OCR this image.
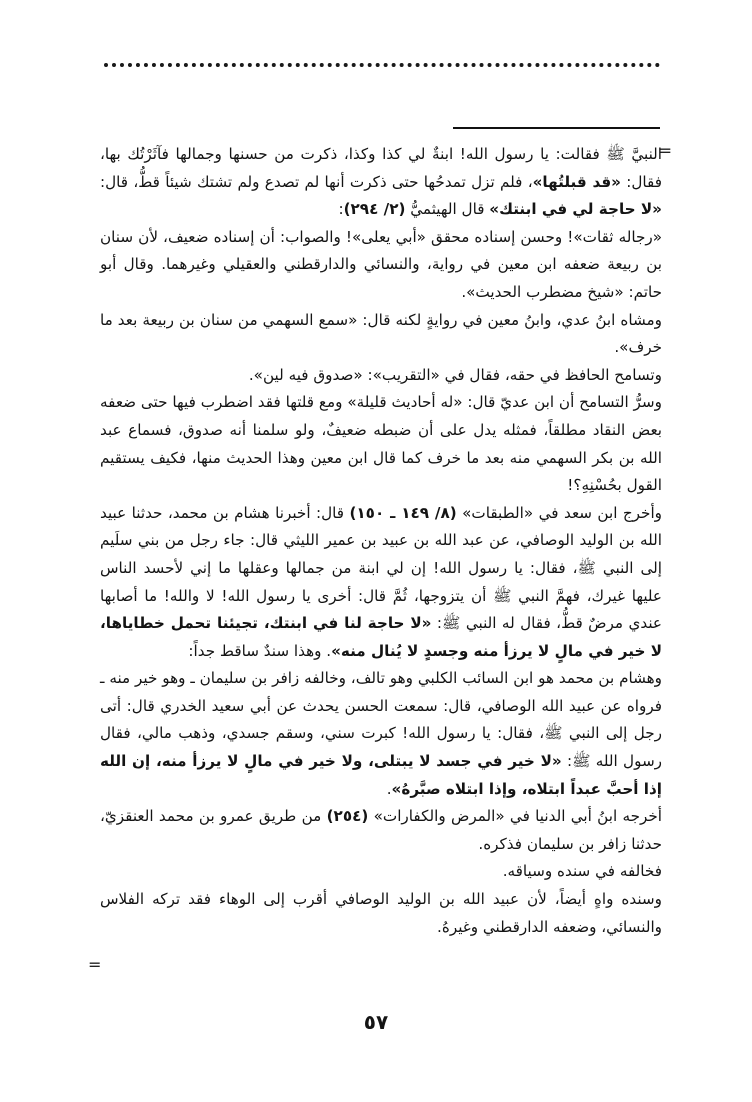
=
=

النبيَّ ﷺ فقالت: يا رسول الله! ابنةٌ لي كذا وكذا، ذكرت من حسنها وجمالها فآثَرْتُك بها، فقال: «قد قبلتُها»، فلم تزل تمدحُها حتى ذكرت أنها لم تصدع ولم تشتك شيئاً قطُّ، قال: «لا حاجة لي في ابنتك» قال الهيثميُّ (٢/ ٢٩٤):

«رجاله ثقات»! وحسن إسناده محقق «أبي يعلى»! والصواب: أن إسناده ضعيف، لأن سنان بن ربيعة ضعفه ابن معين في رواية، والنسائي والدارقطني والعقيلي وغيرهما. وقال أبو حاتم: «شيخ مضطرب الحديث».

ومشاه ابنُ عدي، وابنُ معين في روايةٍ لكنه قال: «سمع السهمي من سنان بن ربيعة بعد ما خرف».

وتسامح الحافظ في حقه، فقال في «التقريب»: «صدوق فيه لين».

وسرُّ التسامح أن ابن عديّ قال: «له أحاديث قليلة» ومع قلتها فقد اضطرب فيها حتى ضعفه بعض النقاد مطلقاً، فمثله يدل على أن ضبطه ضعيفٌ، ولو سلمنا أنه صدوق، فسماع عبد الله بن بكر السهمي منه بعد ما خرف كما قال ابن معين وهذا الحديث منها، فكيف يستقيم القول بحُسْنِهِ؟!

وأخرج ابن سعد في «الطبقات» (٨/ ١٤٩ ـ ١٥٠) قال: أخبرنا هشام بن محمد، حدثنا عبيد الله بن الوليد الوصافي، عن عبد الله بن عبيد بن عمير الليثي قال: جاء رجل من بني سلَيم إلى النبي ﷺ، فقال: يا رسول الله! إن لي ابنة من جمالها وعقلها ما إني لأحسد الناس عليها غيرك، فهمَّ النبي ﷺ أن يتزوجها، ثُمَّ قال: أخرى يا رسول الله! لا والله! ما أصابها عندي مرضٌ قطُّ، فقال له النبي ﷺ: «لا حاجة لنا في ابنتك، تجيئنا تحمل خطاياها، لا خير في مالٍ لا يرزأ منه وجسدٍ لا يُنال منه». وهذا سندٌ ساقط جداً:

وهشام بن محمد هو ابن السائب الكلبي وهو تالف، وخالفه زافر بن سليمان ـ وهو خير منه ـ فرواه عن عبيد الله الوصافي، قال: سمعت الحسن يحدث عن أبي سعيد الخدري قال: أتى رجل إلى النبي ﷺ، فقال: يا رسول الله! كبرت سني، وسقم جسدي، وذهب مالي، فقال رسول الله ﷺ: «لا خير في جسد لا يبتلى، ولا خير في مالٍ لا يرزأ منه، إن الله إذا أحبَّ عبداً ابتلاه، وإذا ابتلاه صبَّرهُ».

أخرجه ابنُ أبي الدنيا في «المرض والكفارات» (٢٥٤) من طريق عمرو بن محمد العنقزيّ، حدثنا زافر بن سليمان فذكره.

فخالفه في سنده وسياقه.

وسنده واهٍ أيضاً، لأن عبيد الله بن الوليد الوصافي أقرب إلى الوهاء فقد تركه الفلاس والنسائي، وضعفه الدارقطني وغيرهُ.

٥٧
